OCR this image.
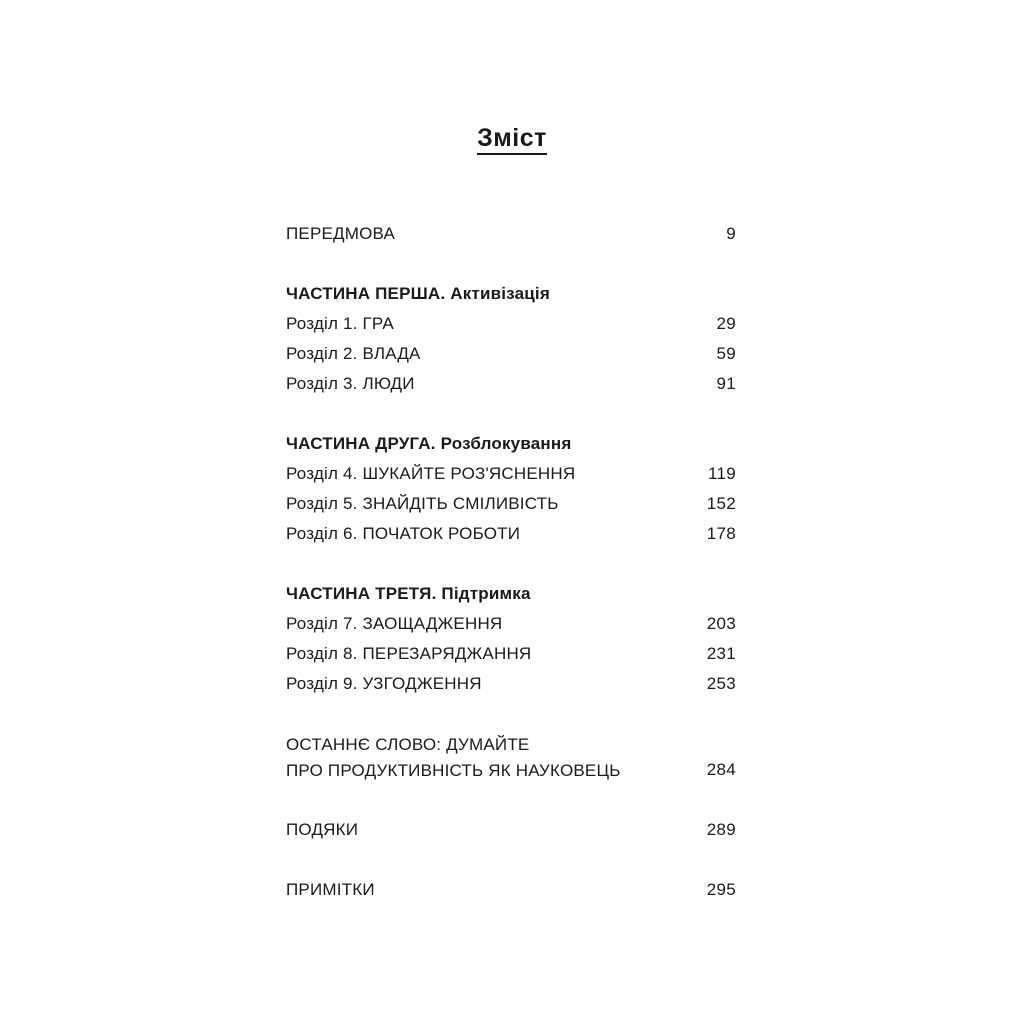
Зміст
ПЕРЕДМОВА	9
ЧАСТИНА ПЕРША. Активізація
Розділ 1. ГРА	29
Розділ 2. ВЛАДА	59
Розділ 3. ЛЮДИ	91
ЧАСТИНА ДРУГА. Розблокування
Розділ 4. ШУКАЙТЕ РОЗ'ЯСНЕННЯ	119
Розділ 5. ЗНАЙДІТЬ СМІЛИВІСТЬ	152
Розділ 6. ПОЧАТОК РОБОТИ	178
ЧАСТИНА ТРЕТЯ. Підтримка
Розділ 7. ЗАОЩАДЖЕННЯ	203
Розділ 8. ПЕРЕЗАРЯДЖАННЯ	231
Розділ 9. УЗГОДЖЕННЯ	253
ОСТАННЄ СЛОВО: ДУМАЙТЕ
ПРО ПРОДУКТИВНІСТЬ ЯК НАУКОВЕЦЬ	284
ПОДЯКИ	289
ПРИМІТКИ	295
